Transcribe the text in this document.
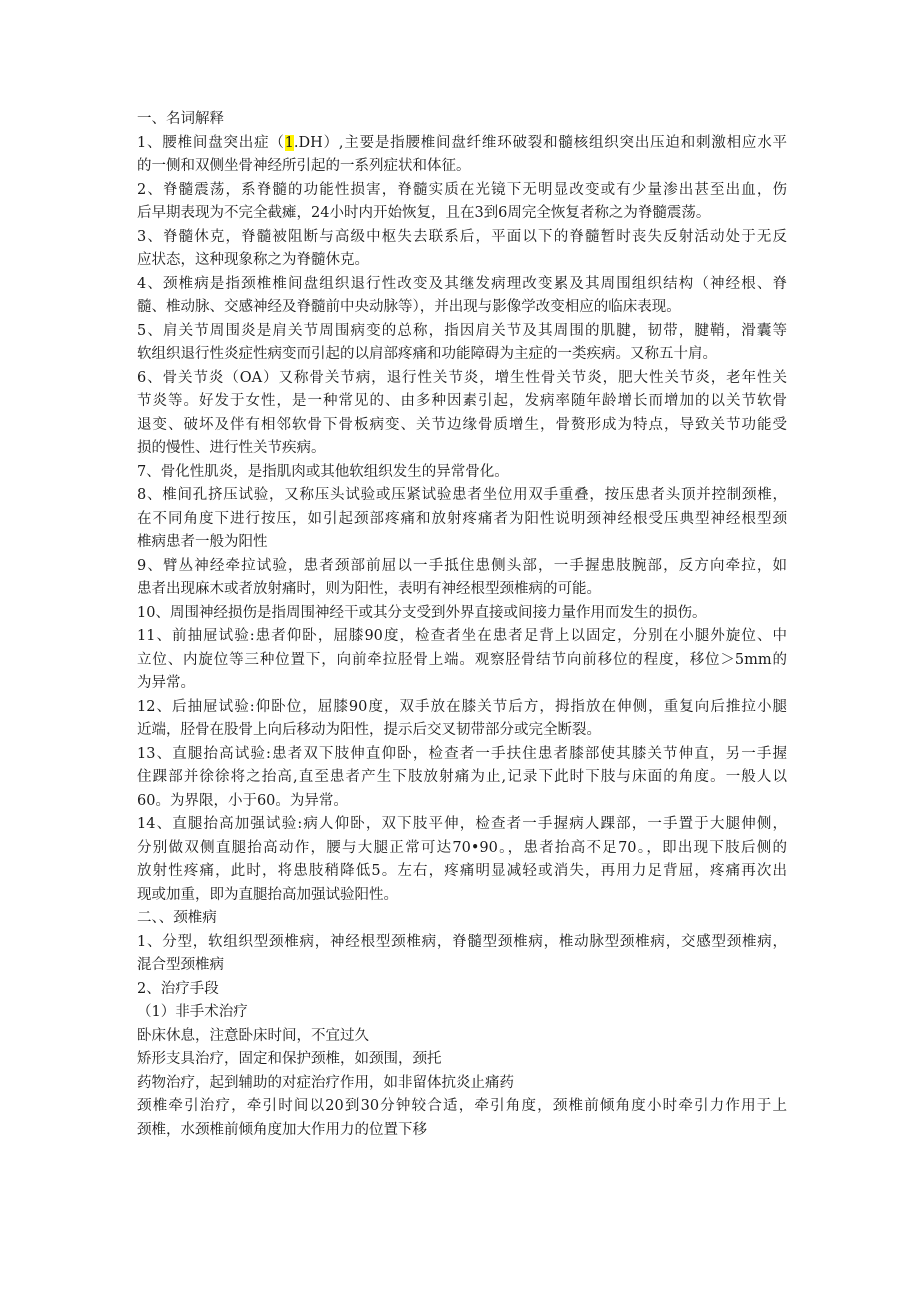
一、名词解释
1、腰椎间盘突出症（1.DH）,主要是指腰椎间盘纤维环破裂和髓核组织突出压迫和刺激相应水平
的一侧和双侧坐骨神经所引起的一系列症状和体征。
2、脊髓震荡，系脊髓的功能性损害，脊髓实质在光镜下无明显改变或有少量渗出甚至出血，伤
后早期表现为不完全截瘫，24小时内开始恢复，且在3到6周完全恢复者称之为脊髓震荡。
3、脊髓休克，脊髓被阻断与高级中枢失去联系后，平面以下的脊髓暂时丧失反射活动处于无反
应状态，这种现象称之为脊髓休克。
4、颈椎病是指颈椎椎间盘组织退行性改变及其继发病理改变累及其周围组织结构（神经根、脊
髓、椎动脉、交感神经及脊髓前中央动脉等），并出现与影像学改变相应的临床表现。
5、肩关节周围炎是肩关节周围病变的总称，指因肩关节及其周围的肌腱，韧带，腱鞘，滑囊等
软组织退行性炎症性病变而引起的以肩部疼痛和功能障碍为主症的一类疾病。又称五十肩。
6、骨关节炎（OA）又称骨关节病，退行性关节炎，增生性骨关节炎，肥大性关节炎，老年性关
节炎等。好发于女性，是一种常见的、由多种因素引起，发病率随年龄增长而增加的以关节软骨
退变、破坏及伴有相邻软骨下骨板病变、关节边缘骨质增生，骨赘形成为特点，导致关节功能受
损的慢性、进行性关节疾病。
7、骨化性肌炎，是指肌肉或其他软组织发生的异常骨化。
8、椎间孔挤压试验，又称压头试验或压紧试验患者坐位用双手重叠，按压患者头顶并控制颈椎，
在不同角度下进行按压，如引起颈部疼痛和放射疼痛者为阳性说明颈神经根受压典型神经根型颈
椎病患者一般为阳性
9、臂丛神经牵拉试验，患者颈部前屈以一手抵住患侧头部，一手握患肢腕部，反方向牵拉，如
患者出现麻木或者放射痛时，则为阳性，表明有神经根型颈椎病的可能。
10、周围神经损伤是指周围神经干或其分支受到外界直接或间接力量作用而发生的损伤。
11、前抽屉试验:患者仰卧，屈膝90度，检查者坐在患者足背上以固定，分别在小腿外旋位、中
立位、内旋位等三种位置下，向前牵拉胫骨上端。观察胫骨结节向前移位的程度，移位＞5mm的
为异常。
12、后抽屉试验:仰卧位，屈膝90度，双手放在膝关节后方，拇指放在伸侧，重复向后推拉小腿
近端，胫骨在股骨上向后移动为阳性，提示后交叉韧带部分或完全断裂。
13、直腿抬高试验:患者双下肢伸直仰卧，检查者一手扶住患者膝部使其膝关节伸直，另一手握
住踝部并徐徐将之抬高,直至患者产生下肢放射痛为止,记录下此时下肢与床面的角度。一般人以
60。为界限，小于60。为异常。
14、直腿抬高加强试验:病人仰卧，双下肢平伸，检查者一手握病人踝部，一手置于大腿伸侧，
分别做双侧直腿抬高动作，腰与大腿正常可达70•90。，患者抬高不足70。，即出现下肢后侧的
放射性疼痛，此时，将患肢稍降低5。左右，疼痛明显减轻或消失，再用力足背屈，疼痛再次出
现或加重，即为直腿抬高加强试验阳性。
二、、颈椎病
1、分型，软组织型颈椎病，神经根型颈椎病，脊髓型颈椎病，椎动脉型颈椎病，交感型颈椎病，
混合型颈椎病
2、治疗手段
（1）非手术治疗
卧床休息，注意卧床时间，不宜过久
矫形支具治疗，固定和保护颈椎，如颈围，颈托
药物治疗，起到辅助的对症治疗作用，如非留体抗炎止痛药
颈椎牵引治疗，牵引时间以20到30分钟较合适，牵引角度，颈椎前倾角度小时牵引力作用于上
颈椎，水颈椎前倾角度加大作用力的位置下移
